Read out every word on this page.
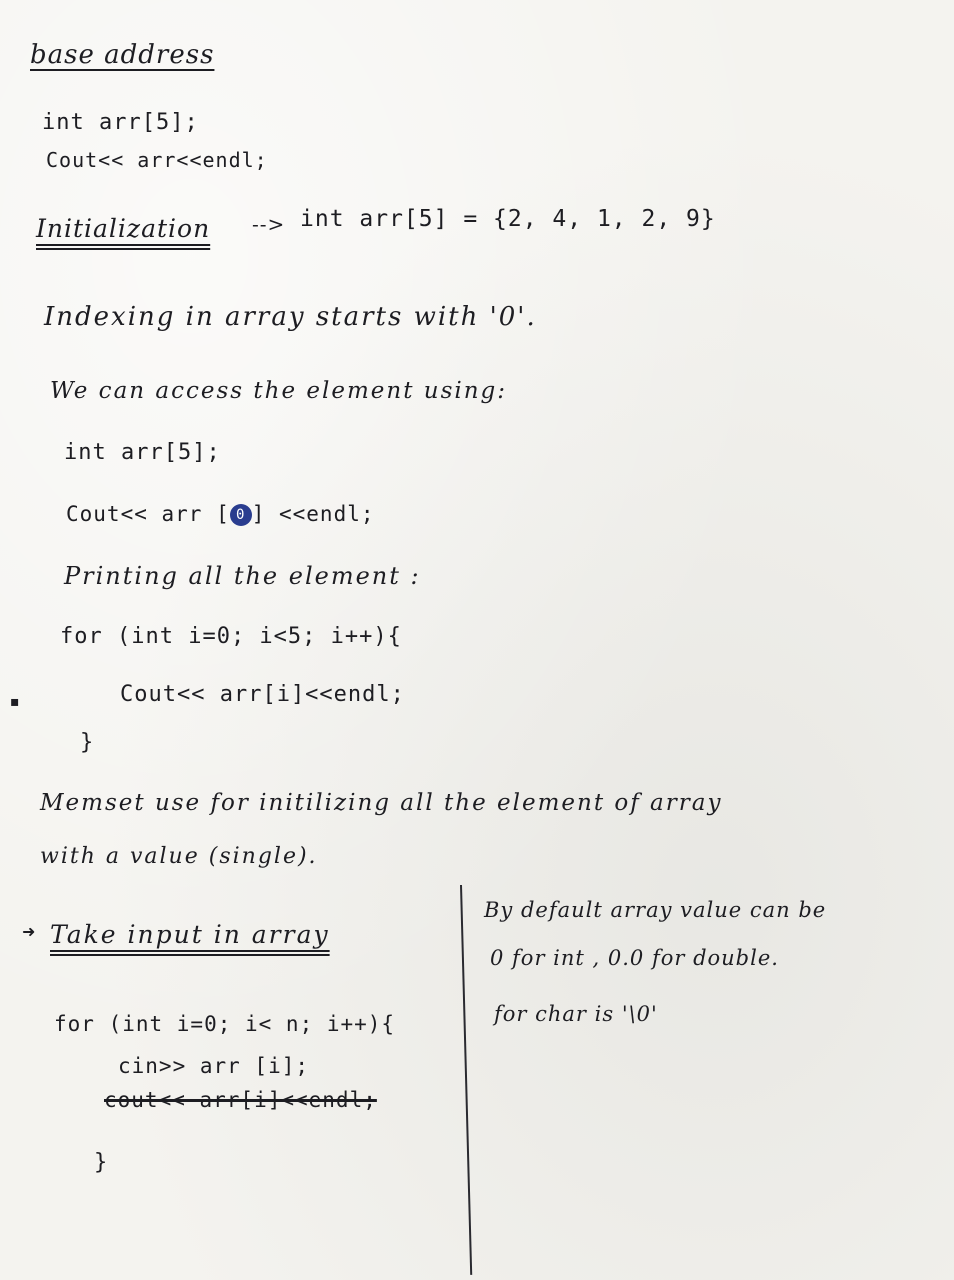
base address
int arr[5];
Cout<< arr<<endl;
Initialization --> int arr[5] = {2, 4, 1, 2, 9}
Indexing in array starts with '0'.
We can access the element using:
int arr[5];
Cout<< arr [ 0 ] <<endl;
Printing all the element :
for (int i=0; i<5; i++){
Cout<< arr[i]<<endl;
}
▪
Memset use for initilizing all the element of array
with a value (single).
➜ Take input in array
for (int i=0; i< n; i++){
cin>> arr [i];
cout<< arr[i]<<endl;
}
By default array value can be
0 for int , 0.0 for double.
for char is '\0'
